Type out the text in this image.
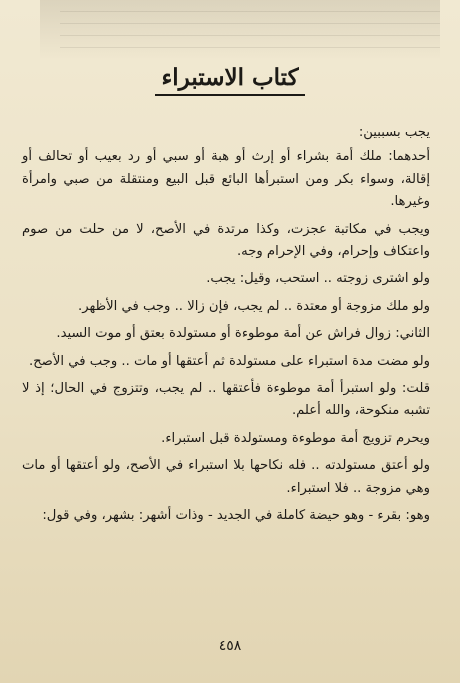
كتاب الاستبراء

يجب بسببين:

أحدهما: ملك أمة بشراء أو إرث أو هبة أو سبي أو رد بعيب أو تحالف أو إقالة، وسواء بكر ومن استبرأها البائع قبل البيع ومنتقلة من صبي وامرأة وغيرها.

ويجب في مكاتبة عجزت، وكذا مرتدة في الأصح، لا من حلت من صوم واعتكاف وإحرام، وفي الإحرام وجه.

ولو اشترى زوجته .. استحب، وقيل: يجب.

ولو ملك مزوجة أو معتدة .. لم يجب، فإن زالا .. وجب في الأظهر.

الثاني: زوال فراش عن أمة موطوءة أو مستولدة بعتق أو موت السيد.

ولو مضت مدة استبراء على مستولدة ثم أعتقها أو مات .. وجب في الأصح.

قلت: ولو استبرأ أمة موطوءة فأعتقها .. لم يجب، وتتزوج في الحال؛ إذ لا تشبه منكوحة، والله أعلم.

ويحرم تزويج أمة موطوءة ومستولدة قبل استبراء.

ولو أعتق مستولدته .. فله نكاحها بلا استبراء في الأصح، ولو أعتقها أو مات وهي مزوجة .. فلا استبراء.

وهو: بقرء - وهو حيضة كاملة في الجديد - وذات أشهر: بشهر، وفي قول:

٤٥٨
